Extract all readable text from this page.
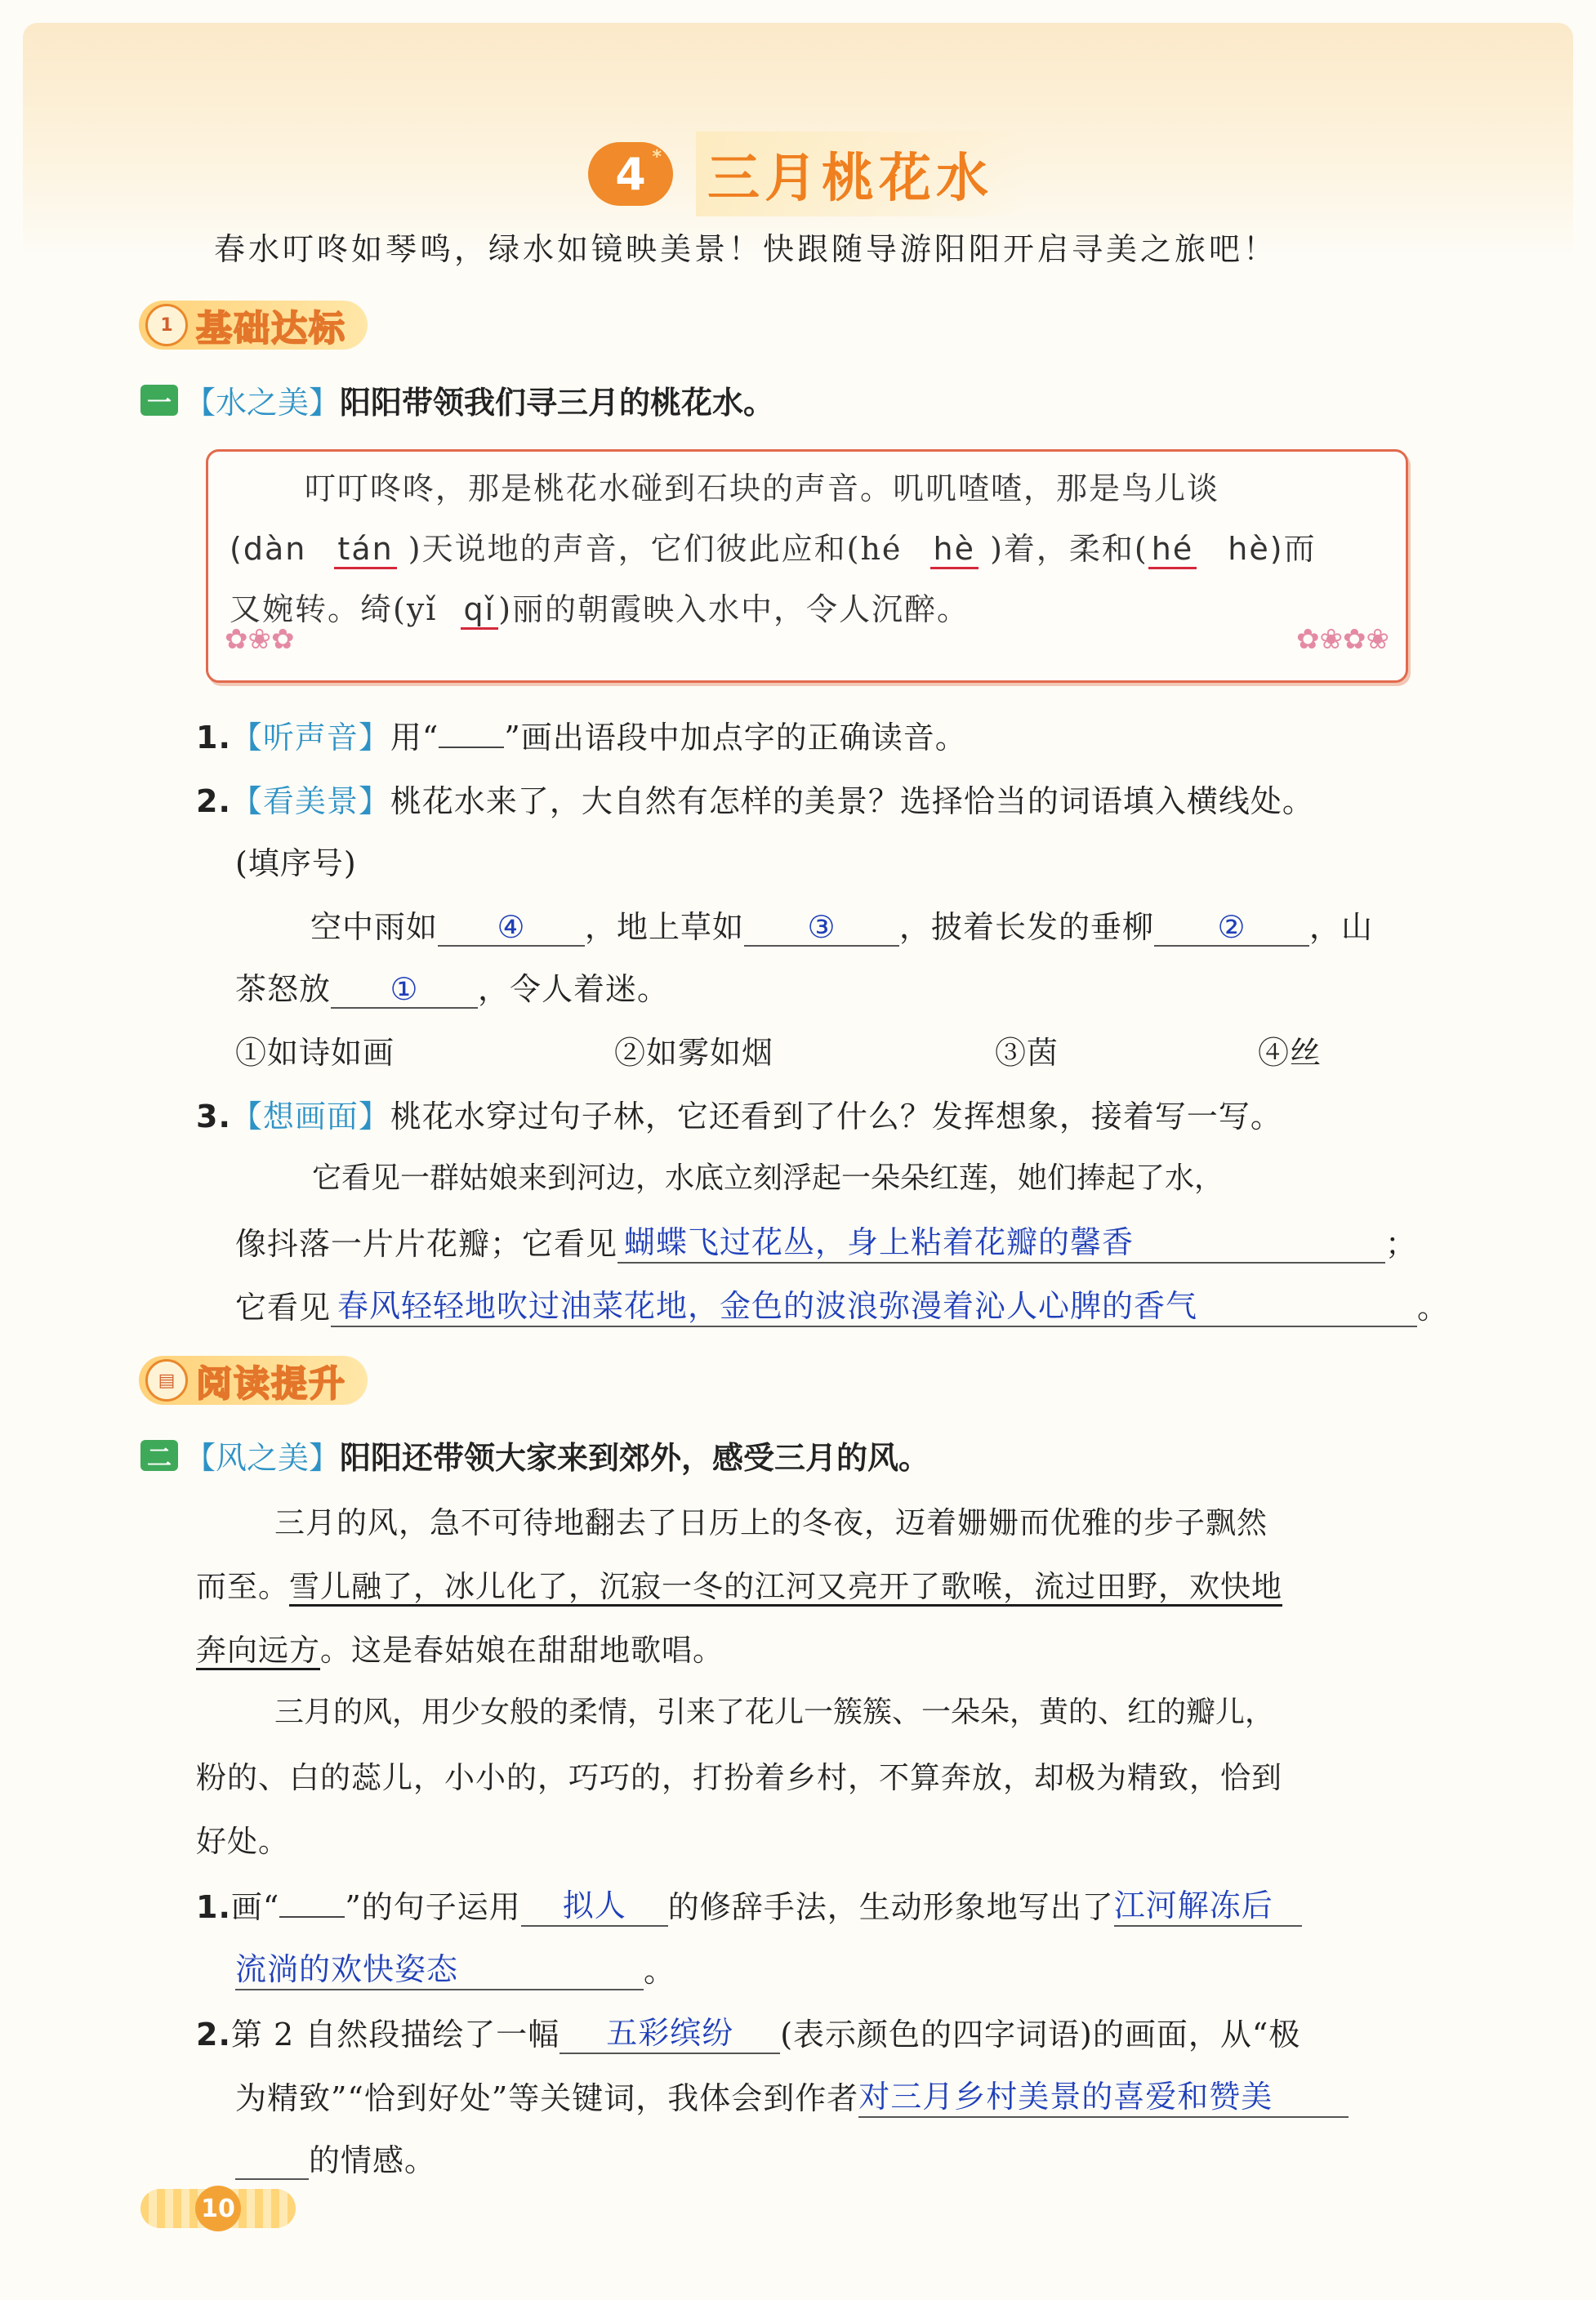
4 * 三月桃花水
春水叮咚如琴鸣，绿水如镜映美景！快跟随导游阳阳开启寻美之旅吧！
1 基础达标
一 【水之美】 阳阳带领我们寻三月的桃花水。
叮叮咚咚，那是桃花水碰到石块的声音。叽叽喳喳，那是鸟儿谈
(dàn tán )天说地的声音，它们彼此应和(hé hè )着，柔和( hé hè)而
又婉转。绮(yǐ qǐ )丽的朝霞映入水中，令人沉醉。
✿❀✿	✿❀✿❀
1.【听声音】用“ ”画出语段中加点字的正确读音。
2.【看美景】桃花水来了，大自然有怎样的美景？选择恰当的词语填入横线处。
(填序号)
空中雨如 ④ ，地上草如 ③ ，披着长发的垂柳 ② ，山
茶怒放 ① ，令人着迷。
①如诗如画	②如雾如烟	③茵	④丝
3.【想画面】桃花水穿过句子林，它还看到了什么？发挥想象，接着写一写。
它看见一群姑娘来到河边，水底立刻浮起一朵朵红莲，她们捧起了水，
像抖落一片片花瓣；它看见 蝴蝶飞过花丛，身上粘着花瓣的馨香	；
它看见 春风轻轻地吹过油菜花地，金色的波浪弥漫着沁人心脾的香气	。
▤ 阅读提升
二 【风之美】 阳阳还带领大家来到郊外，感受三月的风。
三月的风，急不可待地翻去了日历上的冬夜，迈着姗姗而优雅的步子飘然
而至。雪儿融了，冰儿化了，沉寂一冬的江河又亮开了歌喉，流过田野，欢快地
奔向远方。这是春姑娘在甜甜地歌唱。
三月的风，用少女般的柔情，引来了花儿一簇簇、一朵朵，黄的、红的瓣儿，
粉的、白的蕊儿，小小的，巧巧的，打扮着乡村，不算奔放，却极为精致，恰到
好处。
1.画“ ”的句子运用 拟人 的修辞手法，生动形象地写出了江河解冻后
流淌的欢快姿态	。
2.第 2 自然段描绘了一幅 五彩缤纷 (表示颜色的四字词语)的画面，从“极
为精致”“恰到好处”等关键词，我体会到作者对三月乡村美景的喜爱和赞美
的情感。
10
